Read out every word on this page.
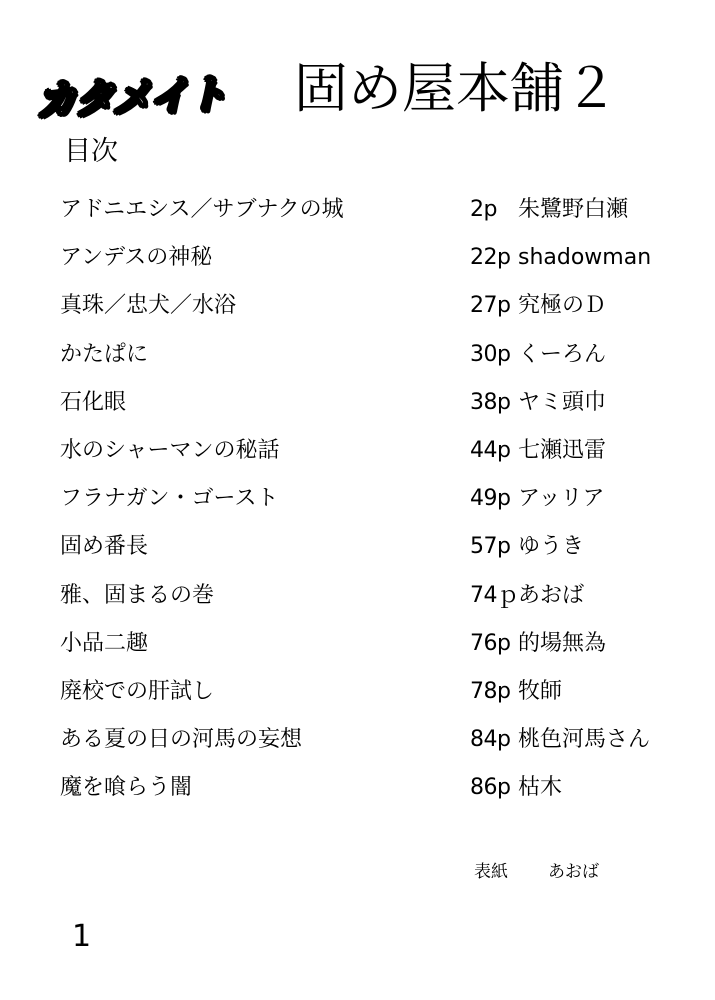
カタメイト 固め屋本舗２
目次
アドニエシス／サブナクの城	2p 朱鷺野白瀬
アンデスの神秘	22p shadowman
真珠／忠犬／水浴	27p 究極のＤ
かたぱに	30p くーろん
石化眼	38p ヤミ頭巾
水のシャーマンの秘話	44p 七瀬迅雷
フラナガン・ゴースト	49p アッリア
固め番長	57p ゆうき
雅、固まるの巻	74ｐ あおば
小品二趣	76p 的場無為
廃校での肝試し	78p 牧師
ある夏の日の河馬の妄想	84p 桃色河馬さん
魔を喰らう闇	86p 枯木
表紙 あおば
1
